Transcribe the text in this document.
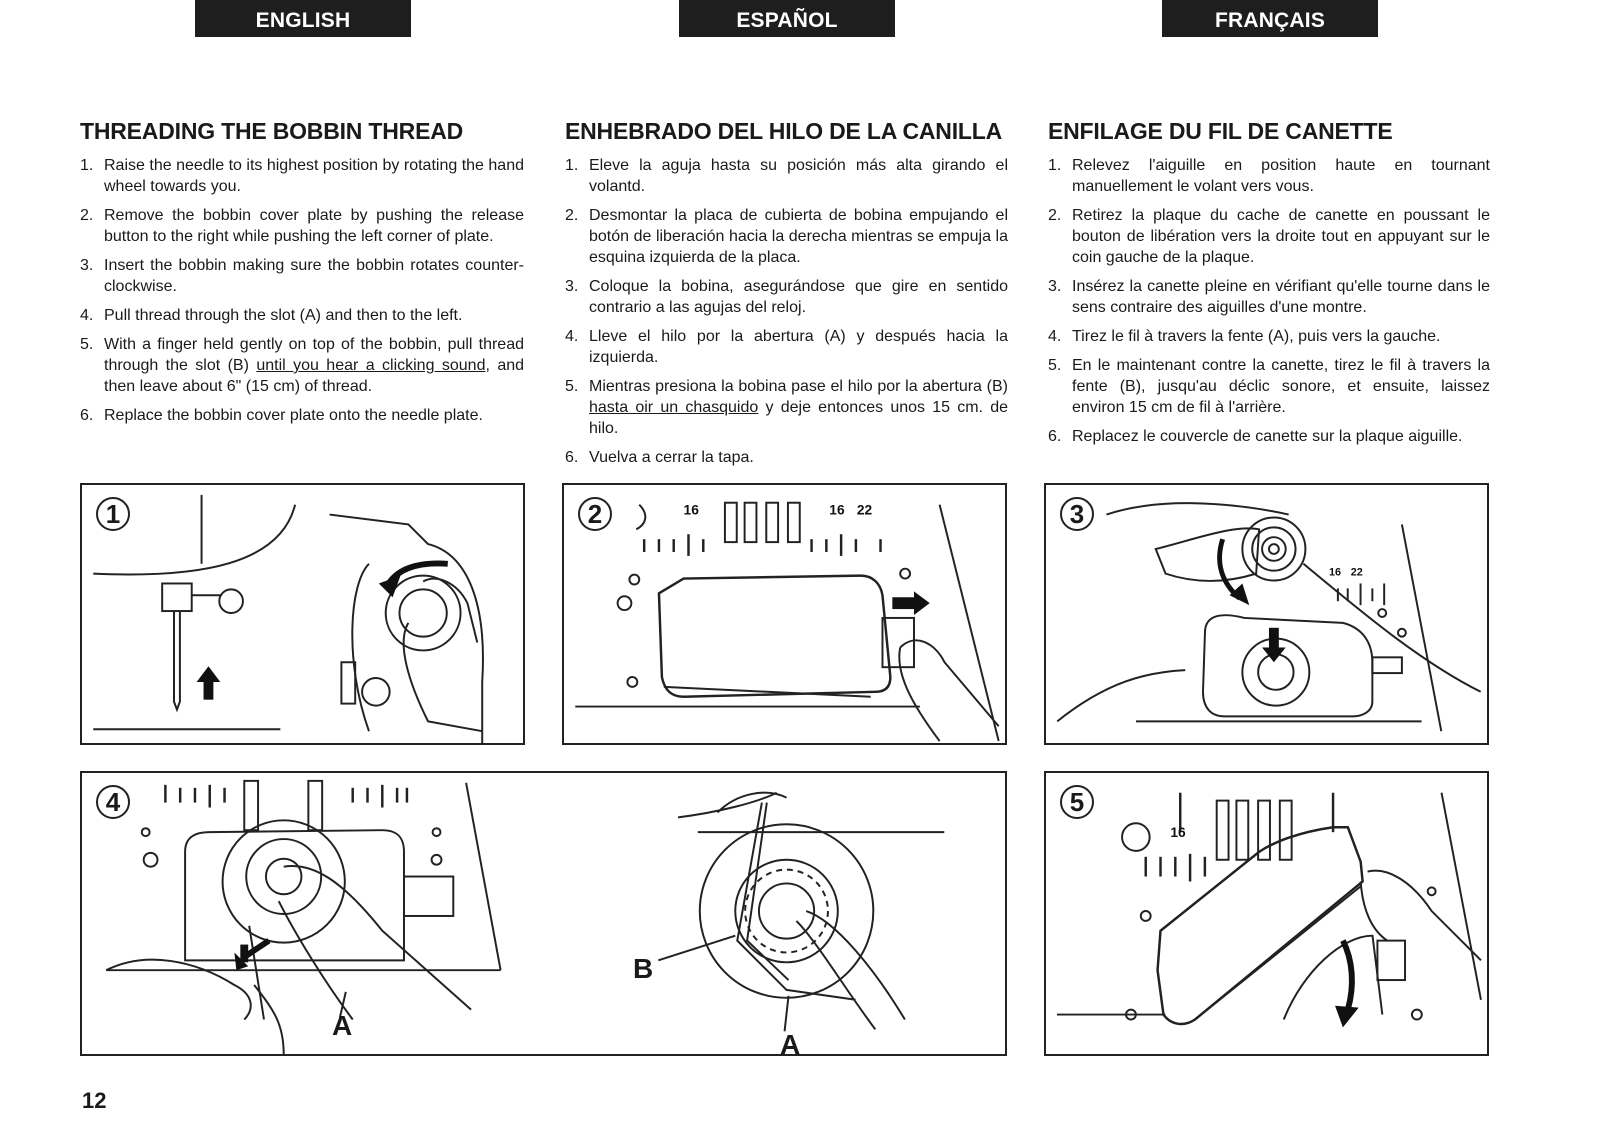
ENGLISH	ESPAÑOL	FRANÇAIS
THREADING THE BOBBIN THREAD
1. Raise the needle to its highest position by rotating the hand wheel towards you.
2. Remove the bobbin cover plate by pushing the release button to the right while pushing the left corner of plate.
3. Insert the bobbin making sure the bobbin rotates counter-clockwise.
4. Pull thread through the slot (A) and then to the left.
5. With a finger held gently on top of the bobbin, pull thread through the slot (B) until you hear a clicking sound, and then leave about 6" (15 cm) of thread.
6. Replace the bobbin cover plate onto the needle plate.
ENHEBRADO DEL HILO DE LA CANILLA
1. Eleve la aguja hasta su posición más alta girando el volantd.
2. Desmontar la placa de cubierta de bobina empujando el botón de liberación hacia la derecha mientras se empuja la esquina izquierda de la placa.
3. Coloque la bobina, asegurándose que gire en sentido contrario a las agujas del reloj.
4. Lleve el hilo por la abertura (A) y después hacia la izquierda.
5. Mientras presiona la bobina pase el hilo por la abertura (B) hasta oir un chasquido y deje entonces unos 15 cm. de hilo.
6. Vuelva a cerrar la tapa.
ENFILAGE DU FIL DE CANETTE
1. Relevez l'aiguille en position haute en tournant manuellement le volant vers vous.
2. Retirez la plaque du cache de canette en poussant le bouton de libération vers la droite tout en appuyant sur le coin gauche de la plaque.
3. Insérez la canette pleine en vérifiant qu'elle tourne dans le sens contraire des aiguilles d'une montre.
4. Tirez le fil à travers la fente (A), puis vers la gauche.
5. En le maintenant contre la canette, tirez le fil à travers la fente (B), jusqu'au déclic sonore, et ensuite, laissez environ 15 cm de fil à l'arrière.
6. Replacez le couvercle de canette sur la plaque aiguille.
1	16	16 22
2
16 22
3
4
A
B
A
16
5
12
